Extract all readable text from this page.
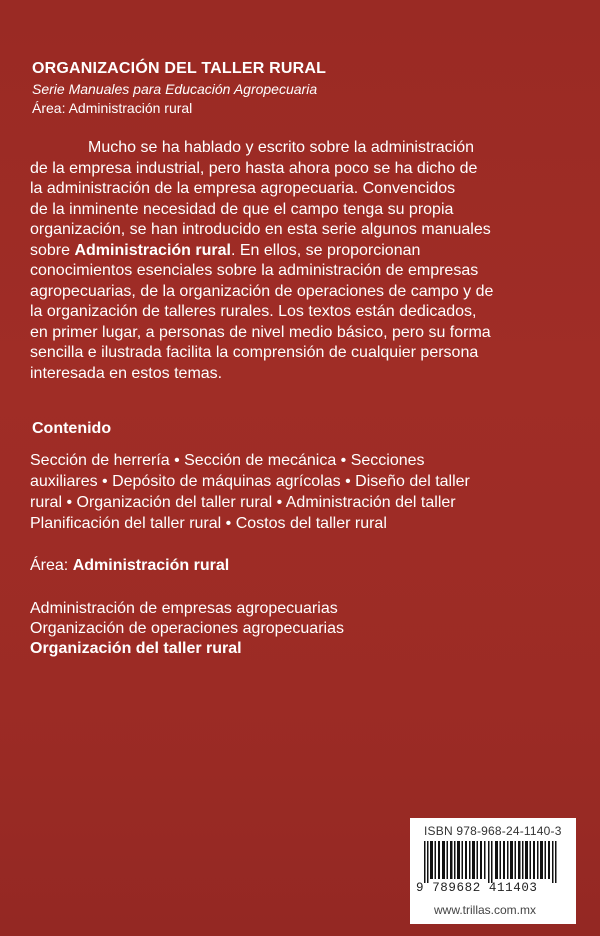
ORGANIZACIÓN DEL TALLER RURAL
Serie Manuales para Educación Agropecuaria
Área: Administración rural
Mucho se ha hablado y escrito sobre la administración
de la empresa industrial, pero hasta ahora poco se ha dicho de
la administración de la empresa agropecuaria. Convencidos
de la inminente necesidad de que el campo tenga su propia
organización, se han introducido en esta serie algunos manuales
sobre Administración rural. En ellos, se proporcionan
conocimientos esenciales sobre la administración de empresas
agropecuarias, de la organización de operaciones de campo y de
la organización de talleres rurales. Los textos están dedicados,
en primer lugar, a personas de nivel medio básico, pero su forma
sencilla e ilustrada facilita la comprensión de cualquier persona
interesada en estos temas.
Contenido
Sección de herrería • Sección de mecánica • Secciones
auxiliares • Depósito de máquinas agrícolas • Diseño del taller
rural • Organización del taller rural • Administración del taller
Planificación del taller rural • Costos del taller rural
Área: Administración rural
Administración de empresas agropecuarias
Organización de operaciones agropecuarias
Organización del taller rural
ISBN 978-968-24-1140-3
9 789682 411403
www.trillas.com.mx
